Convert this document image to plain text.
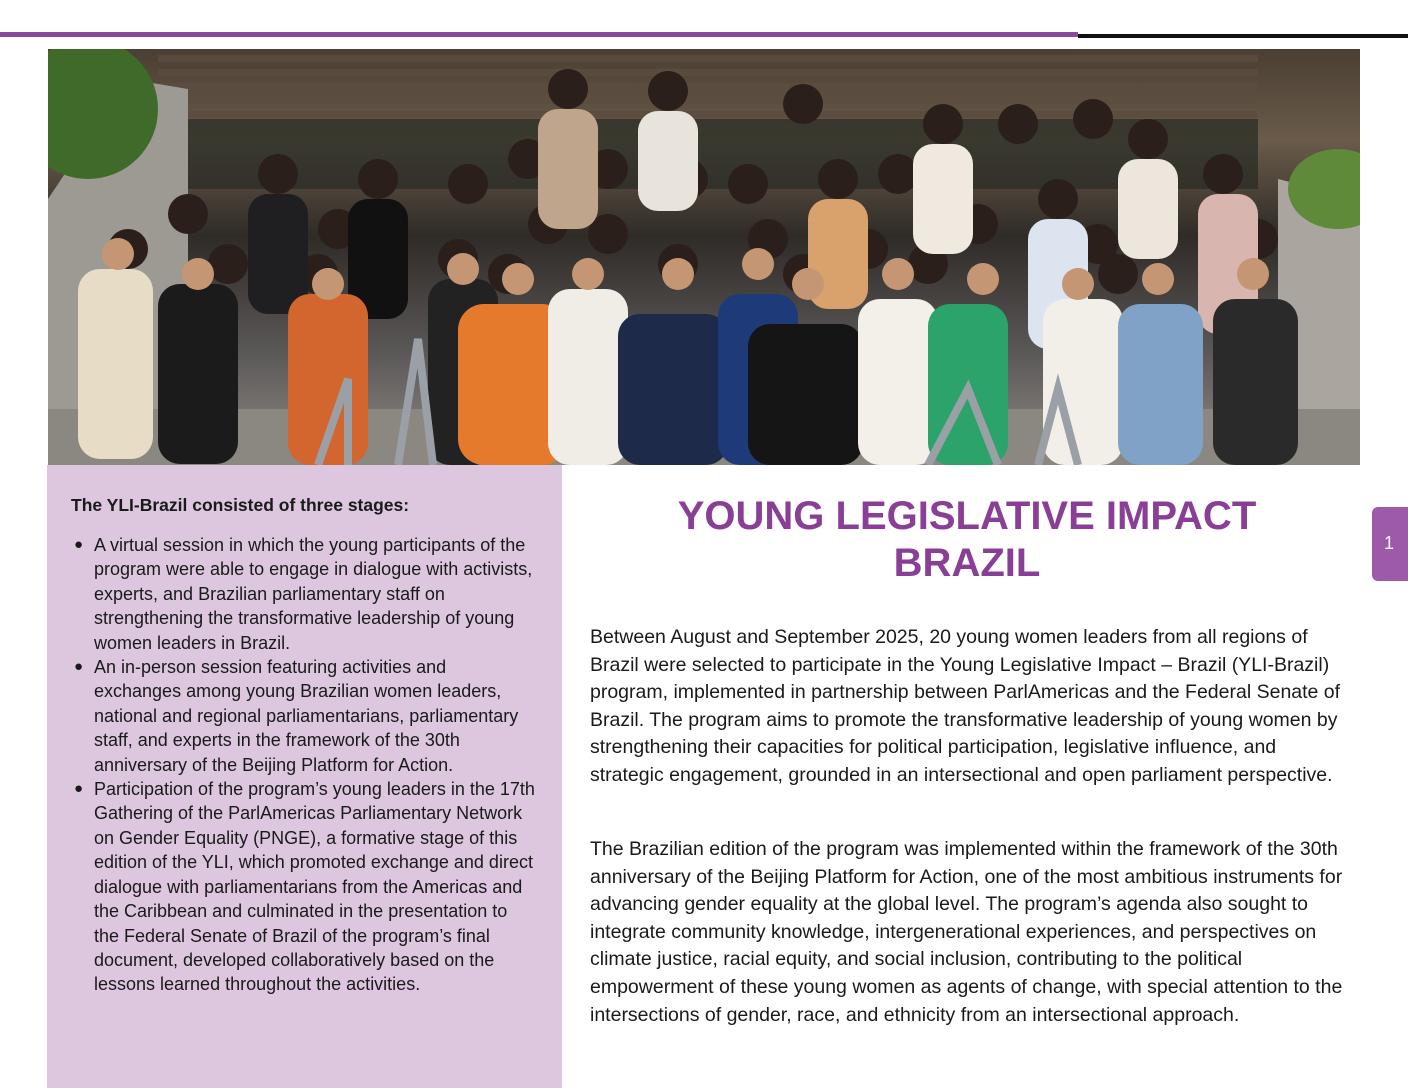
The YLI-Brazil consisted of three stages:

● A virtual session in which the young participants of the program were able to engage in dialogue with activists, experts, and Brazilian parliamentary staff on strengthening the transformative leadership of young women leaders in Brazil.
● An in-person session featuring activities and exchanges among young Brazilian women leaders, national and regional parliamentarians, parliamentary staff, and experts in the framework of the 30th anniversary of the Beijing Platform for Action.
● Participation of the program’s young leaders in the 17th Gathering of the ParlAmericas Parliamentary Network on Gender Equality (PNGE), a formative stage of this edition of the YLI, which promoted exchange and direct dialogue with parliamentarians from the Americas and the Caribbean and culminated in the presentation to the Federal Senate of Brazil of the program’s final document, developed collaboratively based on the lessons learned throughout the activities.
YOUNG LEGISLATIVE IMPACT
BRAZIL

Between August and September 2025, 20 young women leaders from all regions of Brazil were selected to participate in the Young Legislative Impact – Brazil (YLI-Brazil) program, implemented in partnership between ParlAmericas and the Federal Senate of Brazil. The program aims to promote the transformative leadership of young women by strengthening their capacities for political participation, legislative influence, and strategic engagement, grounded in an intersectional and open parliament perspective.

The Brazilian edition of the program was implemented within the framework of the 30th anniversary of the Beijing Platform for Action, one of the most ambitious instruments for advancing gender equality at the global level. The program’s agenda also sought to integrate community knowledge, intergenerational experiences, and perspectives on climate justice, racial equity, and social inclusion, contributing to the political empowerment of these young women as agents of change, with special attention to the intersections of gender, race, and ethnicity from an intersectional approach.

1
